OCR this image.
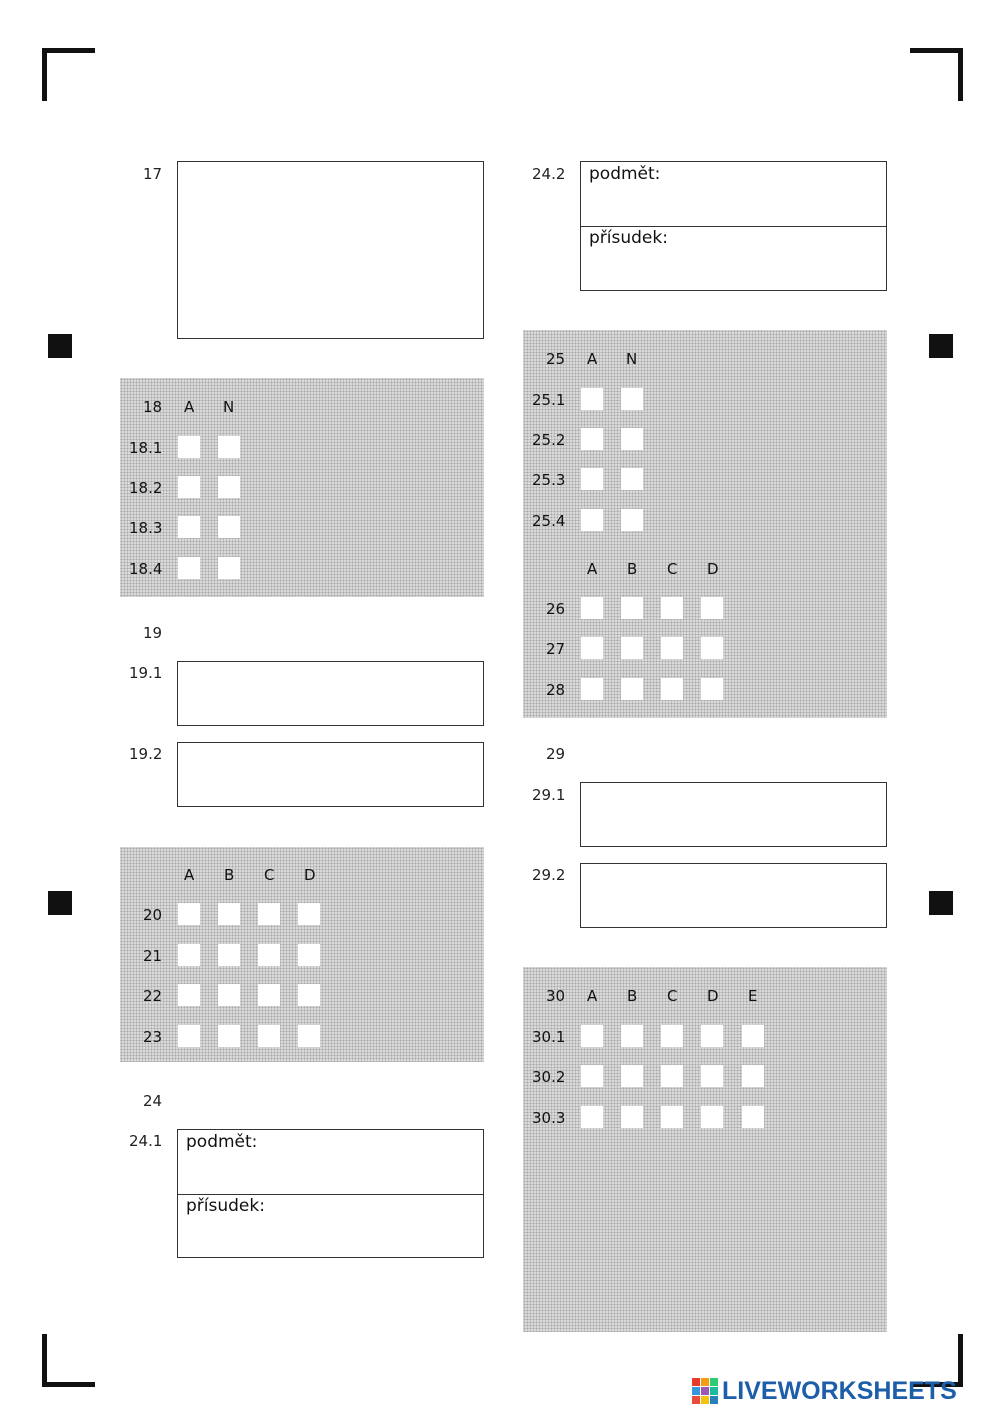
17
18 A N
18.1
18.2
18.3
18.4
19
19.1
19.2
A B C D
20
21
22
23
24
24.1 podmět:
přísudek:
24.2 podmět:
přísudek:
25 A N
25.1
25.2
25.3
25.4
A B C D
26
27
28
29
29.1
29.2
30 A B C D E
30.1
30.2
30.3
LIVEWORKSHEETS
